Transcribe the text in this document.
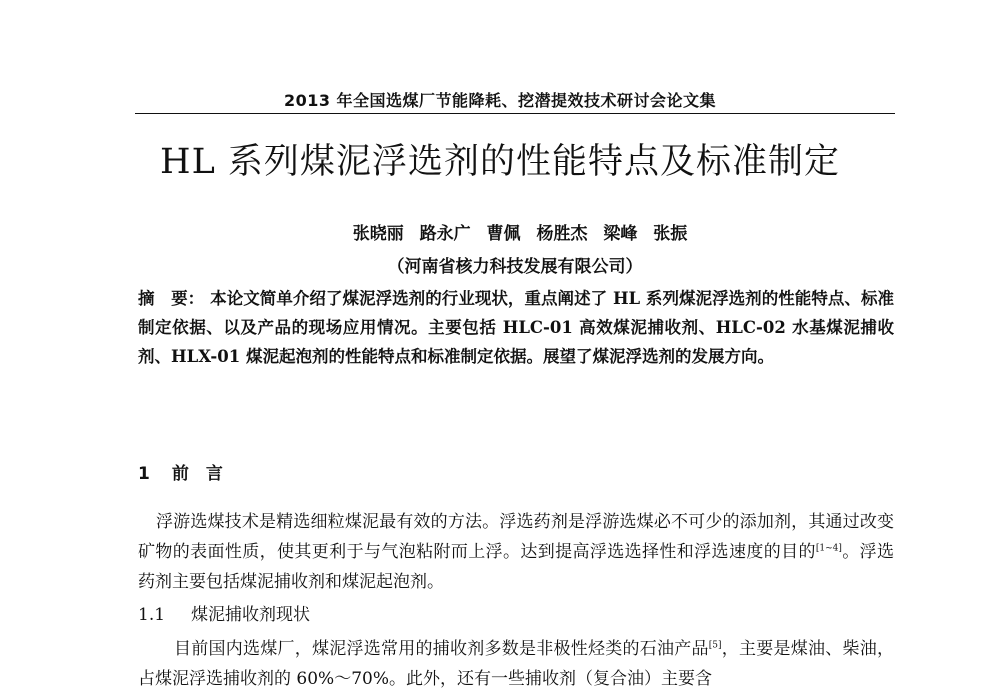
2013 年全国选煤厂节能降耗、挖潜提效技术研讨会论文集
HL 系列煤泥浮选剂的性能特点及标准制定
张晓丽 路永广 曹佩 杨胜杰 梁峰 张振
（河南省核力科技发展有限公司）
摘　要： 本论文简单介绍了煤泥浮选剂的行业现状，重点阐述了 HL 系列煤泥浮选剂的性能特点、标准制定依据、以及产品的现场应用情况。主要包括 HLC-01 高效煤泥捕收剂、HLC-02 水基煤泥捕收剂、HLX-01 煤泥起泡剂的性能特点和标准制定依据。展望了煤泥浮选剂的发展方向。
1 前　言
浮游选煤技术是精选细粒煤泥最有效的方法。浮选药剂是浮游选煤必不可少的添加剂，其通过改变矿物的表面性质，使其更利于与气泡粘附而上浮。达到提高浮选选择性和浮选速度的目的[1~4]。浮选药剂主要包括煤泥捕收剂和煤泥起泡剂。
1.1 煤泥捕收剂现状
目前国内选煤厂，煤泥浮选常用的捕收剂多数是非极性烃类的石油产品[5]，主要是煤油、柴油，占煤泥浮选捕收剂的 60%～70%。此外，还有一些捕收剂（复合油）主要含
